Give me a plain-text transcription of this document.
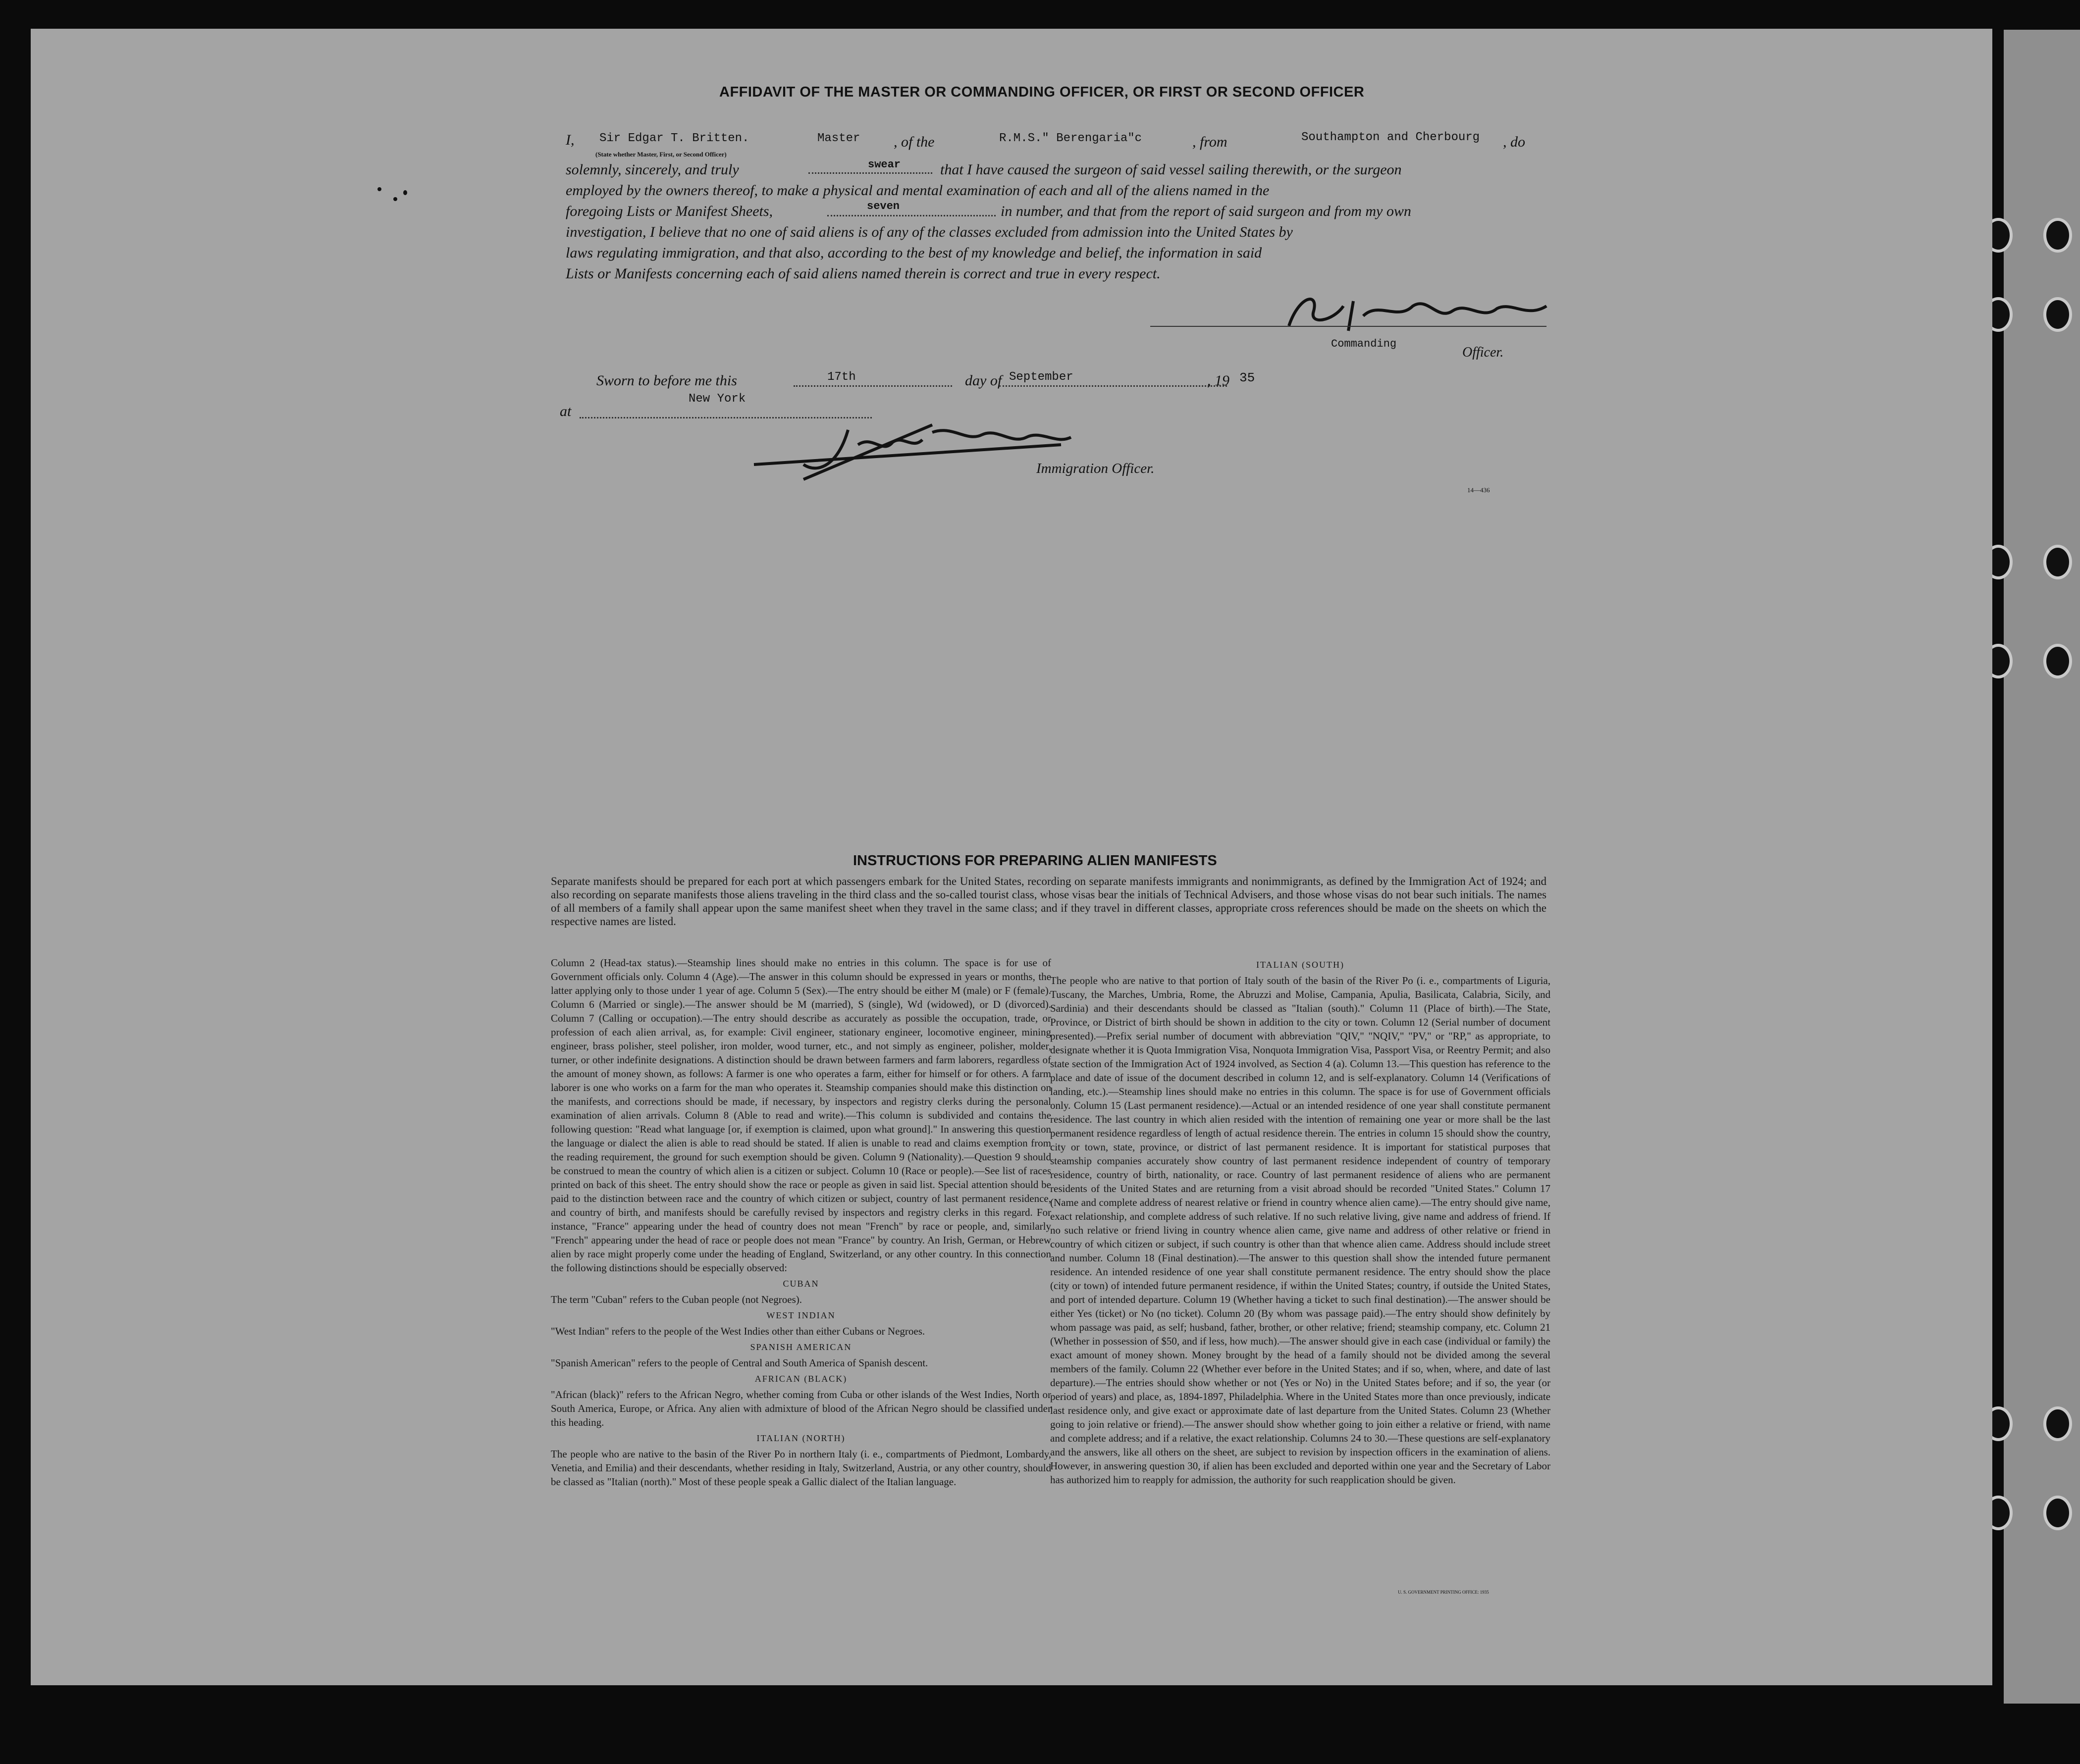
AFFIDAVIT OF THE MASTER OR COMMANDING OFFICER, OR FIRST OR SECOND OFFICER
I, Sir Edgar T. Britten.	Master , of the	R.M.S." Berengaria"c	, from	Southampton and Cherbourg , do
(State whether Master, First, or Second Officer)
solemnly, sincerely, and truly	swear	that I have caused the surgeon of said vessel sailing therewith, or the surgeon
employed by the owners thereof, to make a physical and mental examination of each and all of the aliens named in the
foregoing Lists or Manifest Sheets,	seven	in number, and that from the report of said surgeon and from my own
investigation, I believe that no one of said aliens is of any of the classes excluded from admission into the United States by
laws regulating immigration, and that also, according to the best of my knowledge and belief, the information in said
Lists or Manifests concerning each of said aliens named therein is correct and true in every respect.
Commanding
Officer.
Sworn to before me this	17th	day of September	, 19 35
at
New York
Immigration Officer.
14—436
INSTRUCTIONS FOR PREPARING ALIEN MANIFESTS
Separate manifests should be prepared for each port at which passengers embark for the United States, recording on separate manifests immigrants and nonimmigrants, as defined by the Immigration Act of 1924; and also recording on separate manifests those aliens traveling in the third class and the so-called tourist class, whose visas bear the initials of Technical Advisers, and those whose visas do not bear such initials. The names of all members of a family shall appear upon the same manifest sheet when they travel in the same class; and if they travel in different classes, appropriate cross references should be made on the sheets on which the respective names are listed.
Column 2 (Head-tax status).—Steamship lines should make no entries in this column. The space is for use of Government officials only. Column 4 (Age).—The answer in this column should be expressed in years or months, the latter applying only to those under 1 year of age. Column 5 (Sex).—The entry should be either M (male) or F (female). Column 6 (Married or single).—The answer should be M (married), S (single), Wd (widowed), or D (divorced). Column 7 (Calling or occupation).—The entry should describe as accurately as possible the occupation, trade, or profession of each alien arrival, as, for example: Civil engineer, stationary engineer, locomotive engineer, mining engineer, brass polisher, steel polisher, iron molder, wood turner, etc., and not simply as engineer, polisher, molder, turner, or other indefinite designations. A distinction should be drawn between farmers and farm laborers, regardless of the amount of money shown, as follows: A farmer is one who operates a farm, either for himself or for others. A farm laborer is one who works on a farm for the man who operates it. Steamship companies should make this distinction on the manifests, and corrections should be made, if necessary, by inspectors and registry clerks during the personal examination of alien arrivals. Column 8 (Able to read and write).—This column is subdivided and contains the following question: "Read what language [or, if exemption is claimed, upon what ground]." In answering this question the language or dialect the alien is able to read should be stated. If alien is unable to read and claims exemption from the reading requirement, the ground for such exemption should be given. Column 9 (Nationality).—Question 9 should be construed to mean the country of which alien is a citizen or subject. Column 10 (Race or people).—See list of races printed on back of this sheet. The entry should show the race or people as given in said list. Special attention should be paid to the distinction between race and the country of which citizen or subject, country of last permanent residence, and country of birth, and manifests should be carefully revised by inspectors and registry clerks in this regard. For instance, "France" appearing under the head of country does not mean "French" by race or people, and, similarly "French" appearing under the head of race or people does not mean "France" by country. An Irish, German, or Hebrew alien by race might properly come under the heading of England, Switzerland, or any other country. In this connection the following distinctions should be especially observed:
CUBAN
The term "Cuban" refers to the Cuban people (not Negroes).
WEST INDIAN
"West Indian" refers to the people of the West Indies other than either Cubans or Negroes.
SPANISH AMERICAN
"Spanish American" refers to the people of Central and South America of Spanish descent.
AFRICAN (BLACK)
"African (black)" refers to the African Negro, whether coming from Cuba or other islands of the West Indies, North or South America, Europe, or Africa. Any alien with admixture of blood of the African Negro should be classified under this heading.
ITALIAN (NORTH)
The people who are native to the basin of the River Po in northern Italy (i. e., compartments of Piedmont, Lombardy, Venetia, and Emilia) and their descendants, whether residing in Italy, Switzerland, Austria, or any other country, should be classed as "Italian (north)." Most of these people speak a Gallic dialect of the Italian language.
ITALIAN (SOUTH)
The people who are native to that portion of Italy south of the basin of the River Po (i. e., compartments of Liguria, Tuscany, the Marches, Umbria, Rome, the Abruzzi and Molise, Campania, Apulia, Basilicata, Calabria, Sicily, and Sardinia) and their descendants should be classed as "Italian (south)." Column 11 (Place of birth).—The State, Province, or District of birth should be shown in addition to the city or town. Column 12 (Serial number of document presented).—Prefix serial number of document with abbreviation "QIV," "NQIV," "PV," or "RP," as appropriate, to designate whether it is Quota Immigration Visa, Nonquota Immigration Visa, Passport Visa, or Reentry Permit; and also state section of the Immigration Act of 1924 involved, as Section 4 (a). Column 13.—This question has reference to the place and date of issue of the document described in column 12, and is self-explanatory. Column 14 (Verifications of landing, etc.).—Steamship lines should make no entries in this column. The space is for use of Government officials only. Column 15 (Last permanent residence).—Actual or an intended residence of one year shall constitute permanent residence. The last country in which alien resided with the intention of remaining one year or more shall be the last permanent residence regardless of length of actual residence therein. The entries in column 15 should show the country, city or town, state, province, or district of last permanent residence. It is important for statistical purposes that steamship companies accurately show country of last permanent residence independent of country of temporary residence, country of birth, nationality, or race. Country of last permanent residence of aliens who are permanent residents of the United States and are returning from a visit abroad should be recorded "United States." Column 17 (Name and complete address of nearest relative or friend in country whence alien came).—The entry should give name, exact relationship, and complete address of such relative. If no such relative living, give name and address of friend. If no such relative or friend living in country whence alien came, give name and address of other relative or friend in country of which citizen or subject, if such country is other than that whence alien came. Address should include street and number. Column 18 (Final destination).—The answer to this question shall show the intended future permanent residence. An intended residence of one year shall constitute permanent residence. The entry should show the place (city or town) of intended future permanent residence, if within the United States; country, if outside the United States, and port of intended departure. Column 19 (Whether having a ticket to such final destination).—The answer should be either Yes (ticket) or No (no ticket). Column 20 (By whom was passage paid).—The entry should show definitely by whom passage was paid, as self; husband, father, brother, or other relative; friend; steamship company, etc. Column 21 (Whether in possession of $50, and if less, how much).—The answer should give in each case (individual or family) the exact amount of money shown. Money brought by the head of a family should not be divided among the several members of the family. Column 22 (Whether ever before in the United States; and if so, when, where, and date of last departure).—The entries should show whether or not (Yes or No) in the United States before; and if so, the year (or period of years) and place, as, 1894-1897, Philadelphia. Where in the United States more than once previously, indicate last residence only, and give exact or approximate date of last departure from the United States. Column 23 (Whether going to join relative or friend).—The answer should show whether going to join either a relative or friend, with name and complete address; and if a relative, the exact relationship. Columns 24 to 30.—These questions are self-explanatory and the answers, like all others on the sheet, are subject to revision by inspection officers in the examination of aliens. However, in answering question 30, if alien has been excluded and deported within one year and the Secretary of Labor has authorized him to reapply for admission, the authority for such reapplication should be given.
U. S. GOVERNMENT PRINTING OFFICE: 1935
